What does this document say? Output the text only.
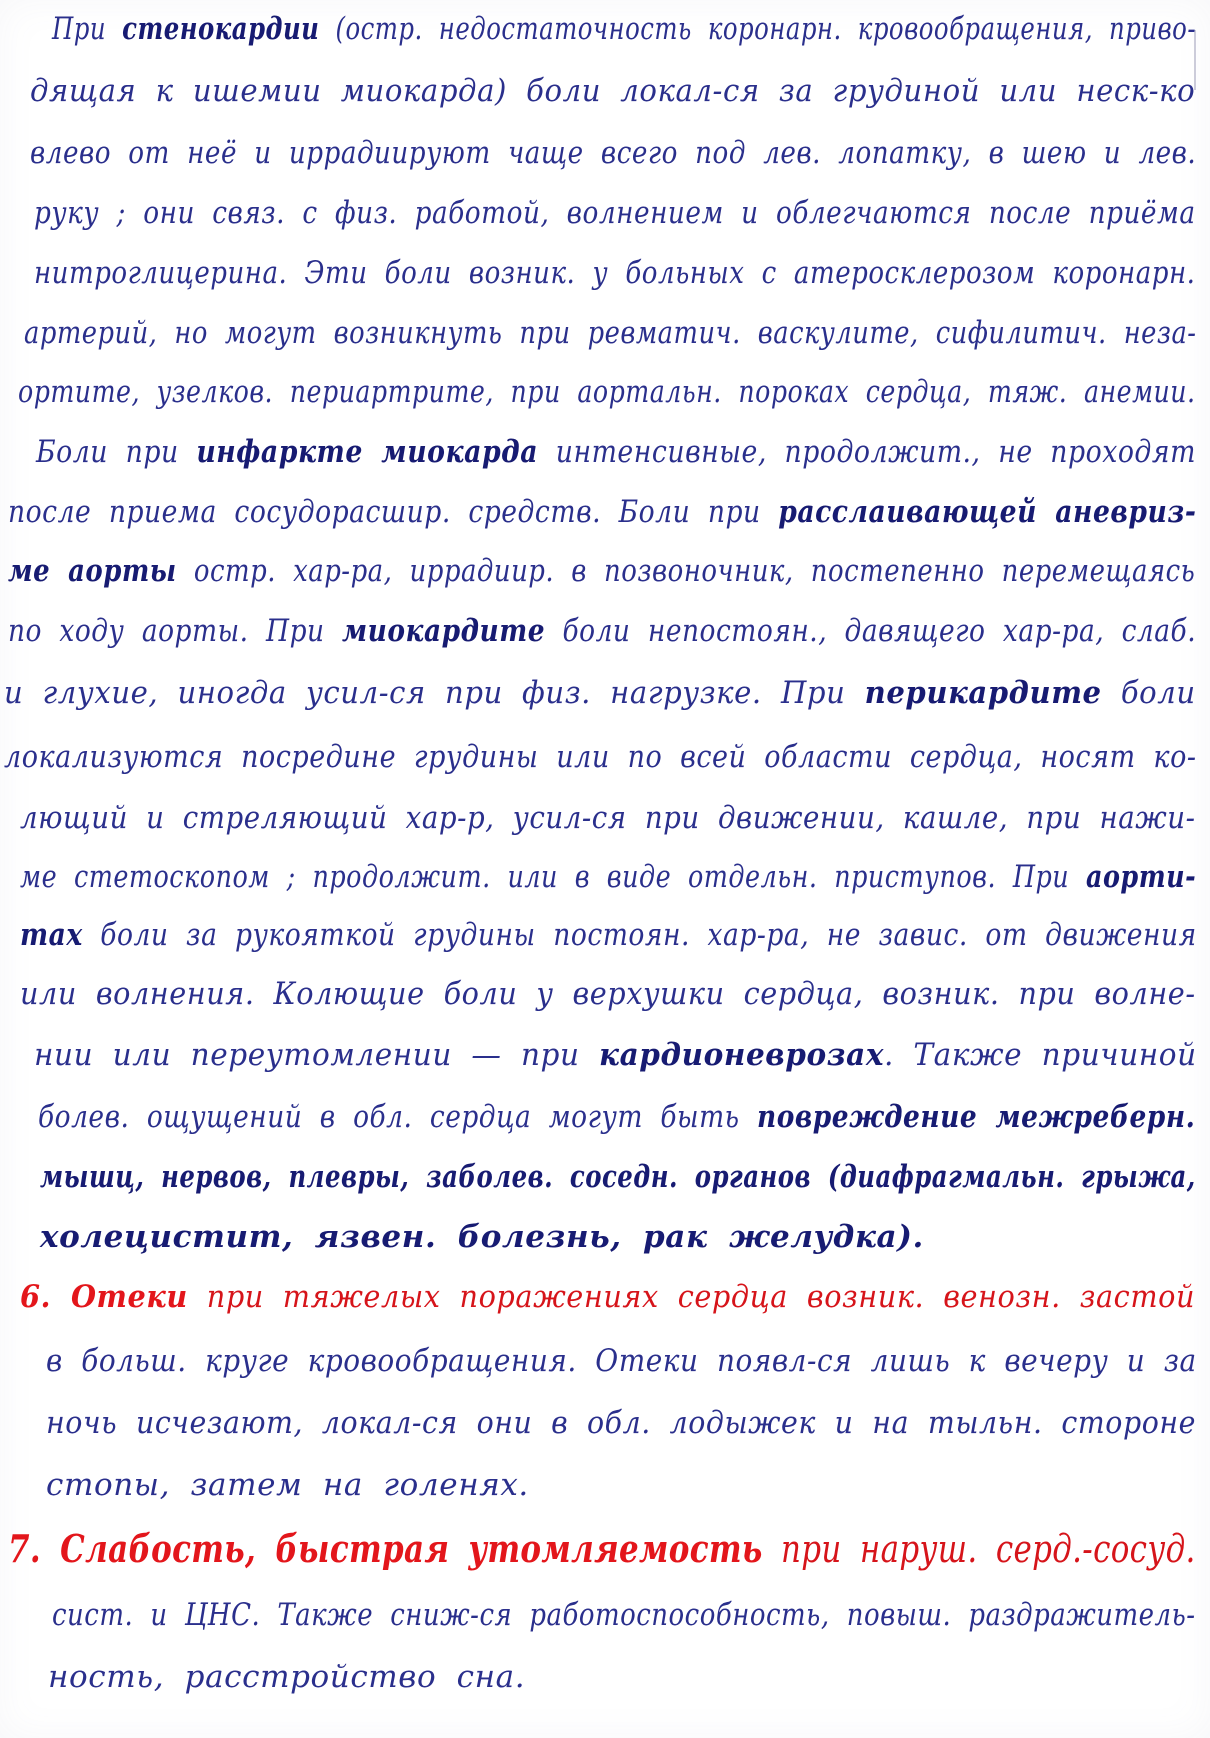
При стенокардии (остр. недостаточность коронарн. кровообращения, приво-
дящая к ишемии миокарда) боли локал-ся за грудиной или неск-ко
влево от неё и иррадиируют чаще всего под лев. лопатку, в шею и лев.
руку ; они связ. с физ. работой, волнением и облегчаются после приёма
нитроглицерина. Эти боли возник. у больных с атеросклерозом коронарн.
артерий, но могут возникнуть при ревматич. васкулите, сифилитич. неза-
ортите, узелков. периартрите, при аортальн. пороках сердца, тяж. анемии.
Боли при инфаркте миокарда интенсивные, продолжит., не проходят
после приема сосудорасшир. средств. Боли при расслаивающей аневриз-
ме аорты остр. хар-ра, иррадиир. в позвоночник, постепенно перемещаясь
по ходу аорты. При миокардите боли непостоян., давящего хар-ра, слаб.
и глухие, иногда усил-ся при физ. нагрузке. При перикардите боли
локализуются посредине грудины или по всей области сердца, носят ко-
лющий и стреляющий хар-р, усил-ся при движении, кашле, при нажи-
ме стетоскопом ; продолжит. или в виде отдельн. приступов. При аорти-
тах боли за рукояткой грудины постоян. хар-ра, не завис. от движения
или волнения. Колющие боли у верхушки сердца, возник. при волне-
нии или переутомлении — при кардионеврозах. Также причиной
болев. ощущений в обл. сердца могут быть повреждение межреберн.
мышц, нервов, плевры, заболев. соседн. органов (диафрагмальн. грыжа,
холецистит, язвен. болезнь, рак желудка).
6. Отеки при тяжелых поражениях сердца возник. венозн. застой
в больш. круге кровообращения. Отеки появл-ся лишь к вечеру и за
ночь исчезают, локал-ся они в обл. лодыжек и на тыльн. стороне
стопы, затем на голенях.
7. Слабость, быстрая утомляемость при наруш. серд.-сосуд.
сист. и ЦНС. Также сниж-ся работоспособность, повыш. раздражитель-
ность, расстройство сна.
